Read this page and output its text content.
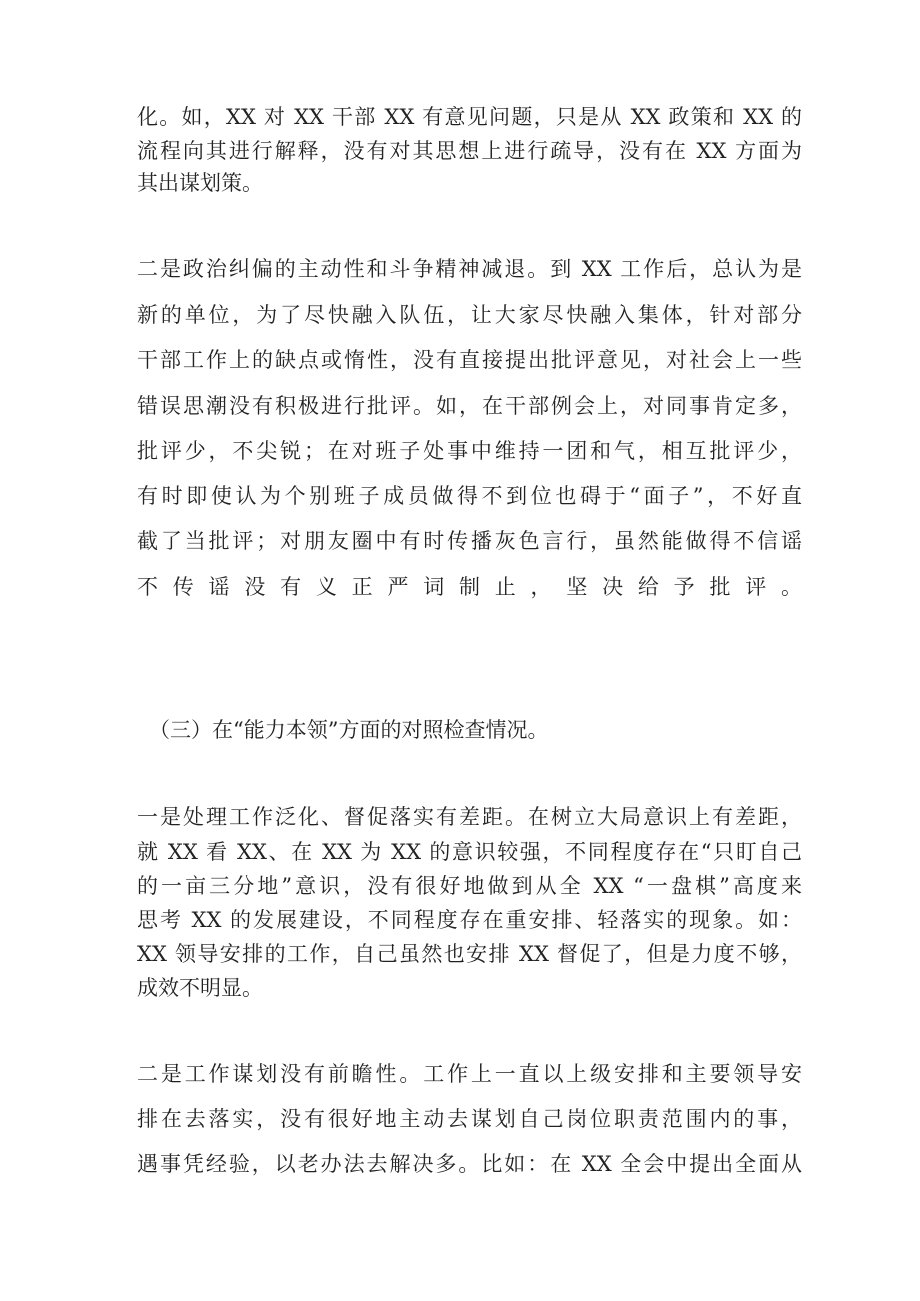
化。如，XX 对 XX 干部 XX 有意见问题，只是从 XX 政策和 XX 的
流程向其进行解释，没有对其思想上进行疏导，没有在 XX 方面为
其出谋划策。
二是政治纠偏的主动性和斗争精神减退。到 XX 工作后，总认为是
新的单位，为了尽快融入队伍，让大家尽快融入集体，针对部分
干部工作上的缺点或惰性，没有直接提出批评意见，对社会上一些
错误思潮没有积极进行批评。如，在干部例会上，对同事肯定多，
批评少，不尖锐；在对班子处事中维持一团和气，相互批评少，
有时即使认为个别班子成员做得不到位也碍于“面子”，不好直
截了当批评；对朋友圈中有时传播灰色言行，虽然能做得不信谣
不传谣没有义正严词制止，坚决给予批评。
（三）在“能力本领”方面的对照检查情况。
一是处理工作泛化、督促落实有差距。在树立大局意识上有差距，
就 XX 看 XX、在 XX 为 XX 的意识较强，不同程度存在“只盯自己
的一亩三分地”意识，没有很好地做到从全 XX “一盘棋”高度来
思考 XX 的发展建设，不同程度存在重安排、轻落实的现象。如：
XX 领导安排的工作，自己虽然也安排 XX 督促了，但是力度不够，
成效不明显。
二是工作谋划没有前瞻性。工作上一直以上级安排和主要领导安
排在去落实，没有很好地主动去谋划自己岗位职责范围内的事，
遇事凭经验，以老办法去解决多。比如：在 XX 全会中提出全面从
